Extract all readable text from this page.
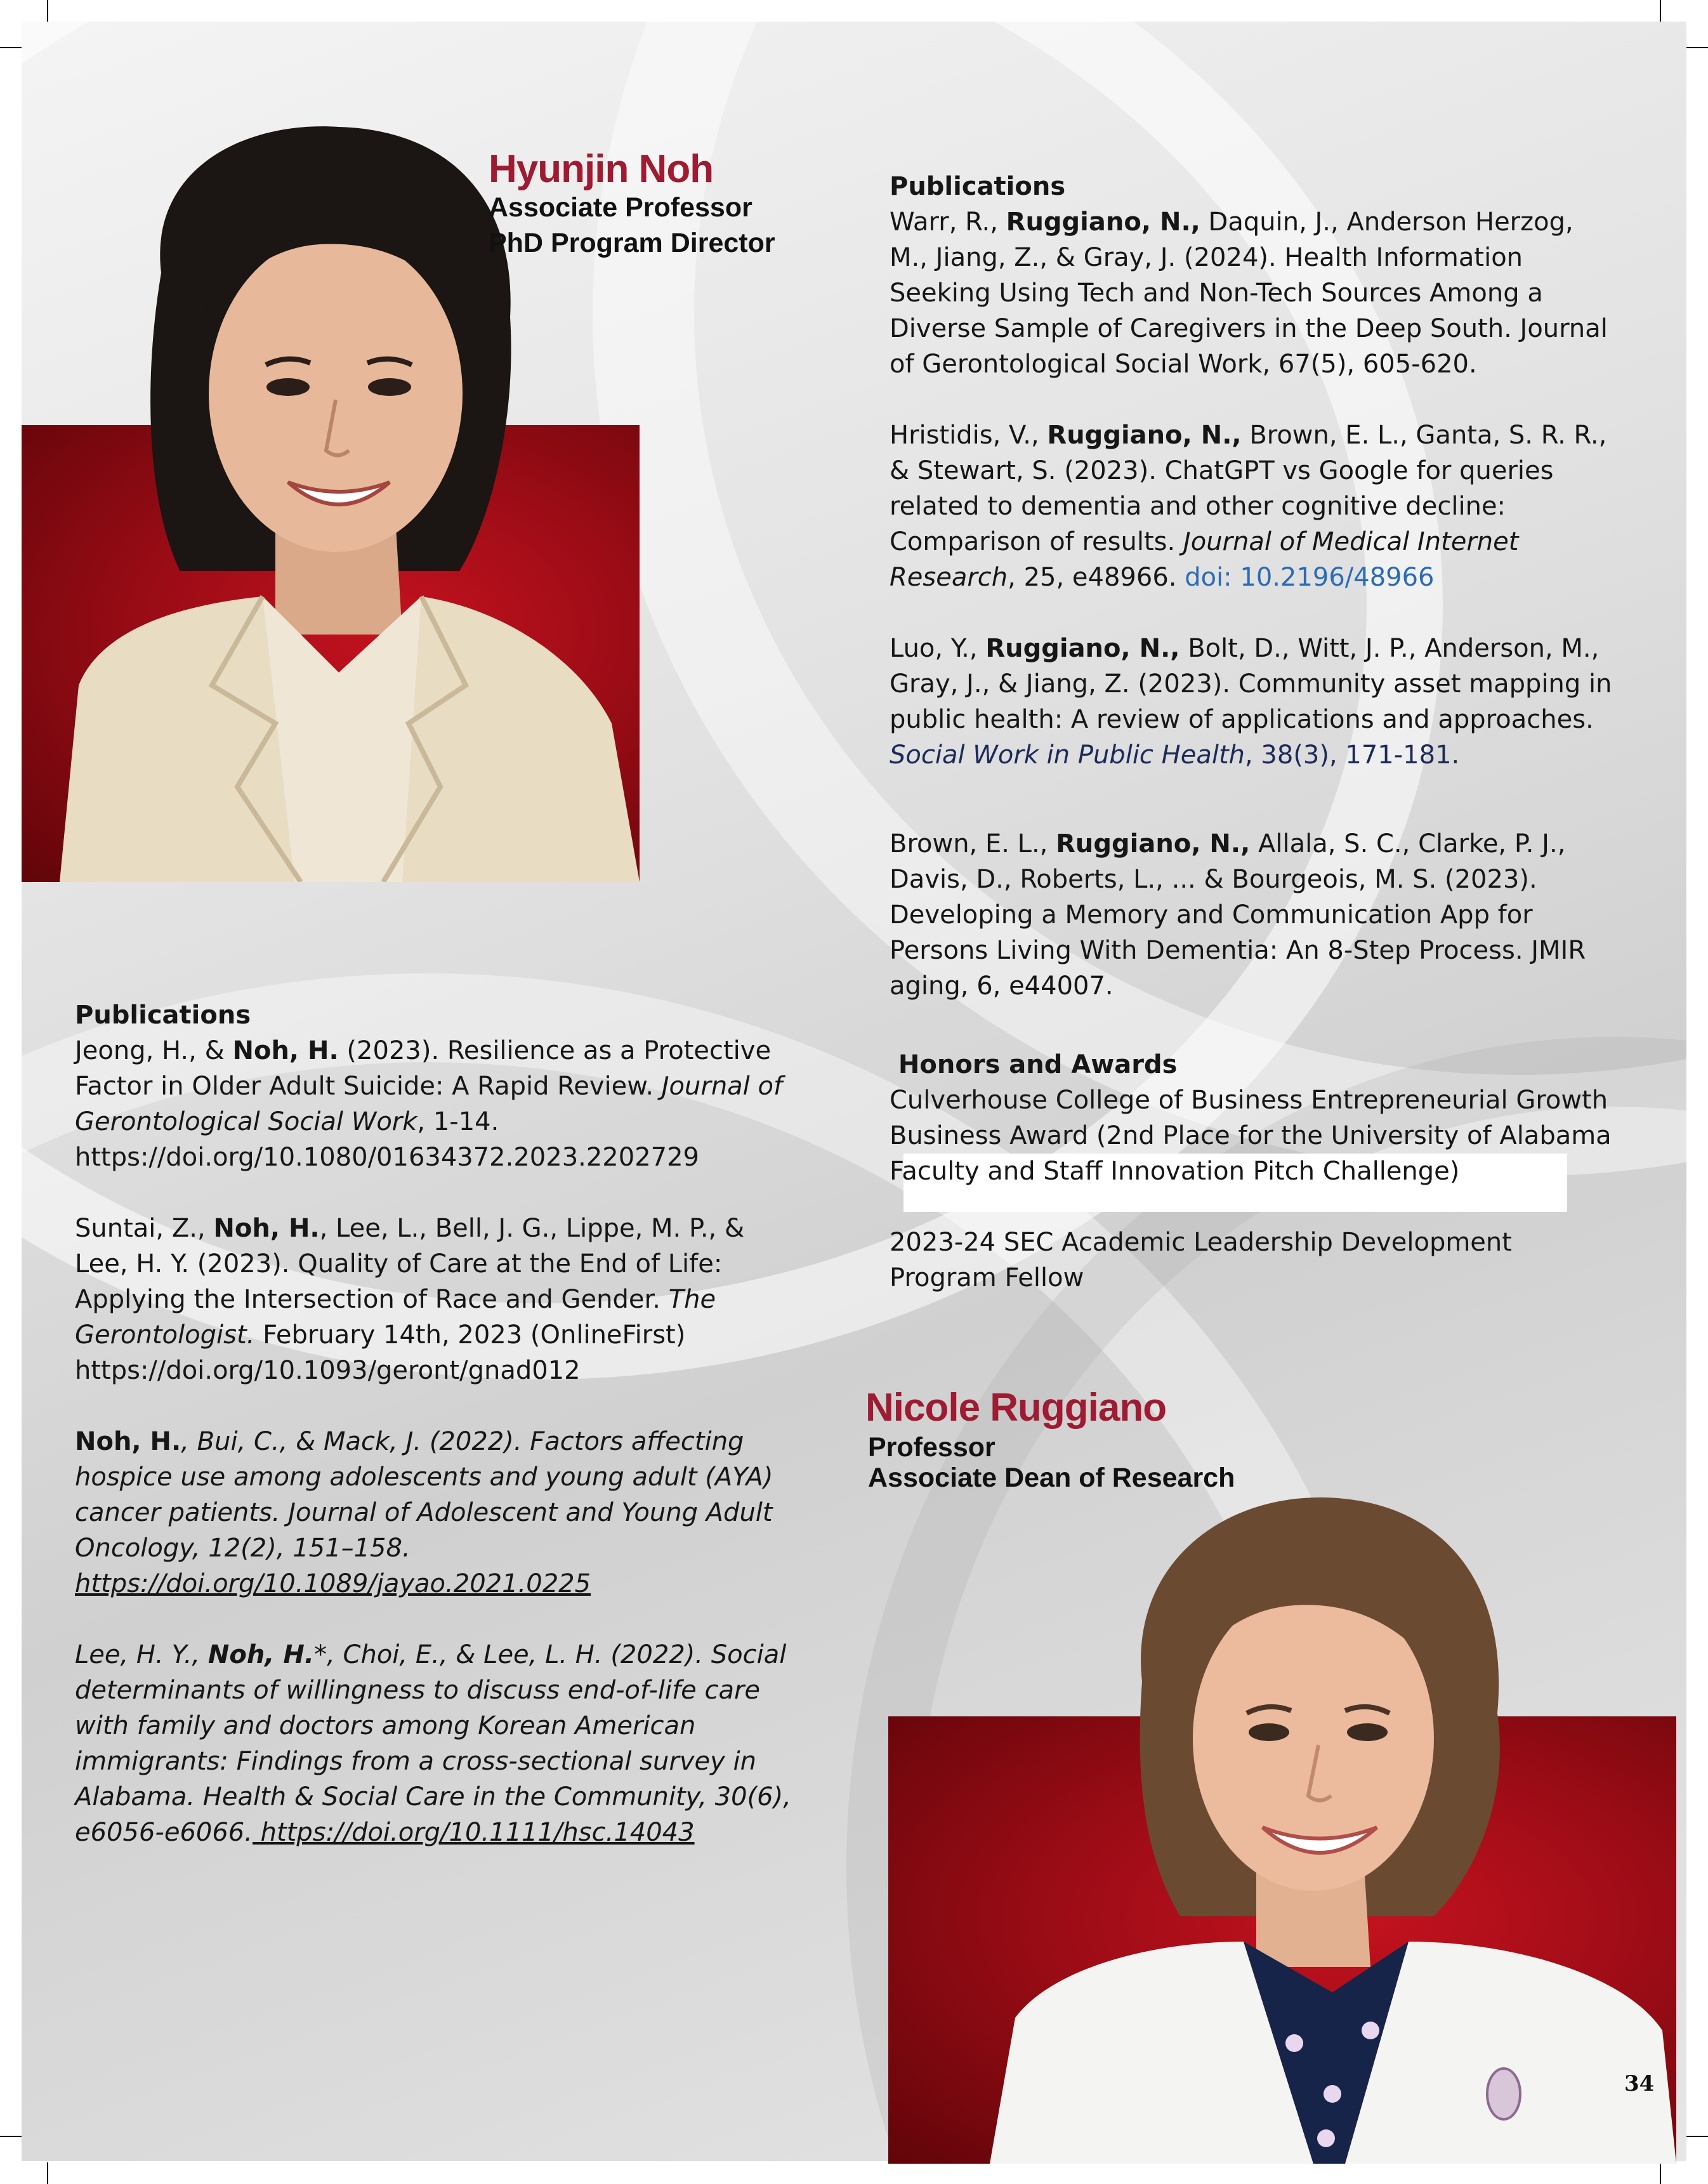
Hyunjin Noh
Associate Professor
PhD Program Director
Publications
Jeong, H., & Noh, H. (2023). Resilience as a Protective Factor in Older Adult Suicide: A Rapid Review. Journal of Gerontological Social Work, 1-14. https://doi.org/10.1080/01634372.2023.2202729
Suntai, Z., Noh, H., Lee, L., Bell, J. G., Lippe, M. P., & Lee, H. Y. (2023). Quality of Care at the End of Life: Applying the Intersection of Race and Gender. The Gerontologist. February 14th, 2023 (OnlineFirst) https://doi.org/10.1093/geront/gnad012
Noh, H., Bui, C., & Mack, J. (2022). Factors affecting hospice use among adolescents and young adult (AYA) cancer patients. Journal of Adolescent and Young Adult
Oncology, 12(2), 151–158.
https://doi.org/10.1089/jayao.2021.0225
Lee, H. Y., Noh, H.*, Choi, E., & Lee, L. H. (2022). Social determinants of willingness to discuss end-of-life care with family and doctors among Korean American immigrants: Findings from a cross-sectional survey in Alabama. Health & Social Care in the Community, 30(6),
e6056-e6066. https://doi.org/10.1111/hsc.14043
Publications
Warr, R., Ruggiano, N., Daquin, J., Anderson Herzog, M., Jiang, Z., & Gray, J. (2024). Health Information Seeking Using Tech and Non-Tech Sources Among a Diverse Sample of Caregivers in the Deep South. Journal of Gerontological Social Work, 67(5), 605-620.
Hristidis, V., Ruggiano, N., Brown, E. L., Ganta, S. R. R., & Stewart, S. (2023). ChatGPT vs Google for queries related to dementia and other cognitive decline: Comparison of results. Journal of Medical Internet Research, 25, e48966. doi: 10.2196/48966
Luo, Y., Ruggiano, N., Bolt, D., Witt, J. P., Anderson, M., Gray, J., & Jiang, Z. (2023). Community asset mapping in public health: A review of applications and approaches. Social Work in Public Health, 38(3), 171-181.
Brown, E. L., Ruggiano, N., Allala, S. C., Clarke, P. J., Davis, D., Roberts, L., ... & Bourgeois, M. S. (2023). Developing a Memory and Communication App for Persons Living With Dementia: An 8-Step Process. JMIR aging, 6, e44007.
Honors and Awards
Culverhouse College of Business Entrepreneurial Growth Business Award (2nd Place for the University of Alabama Faculty and Staff Innovation Pitch Challenge)
2023-24 SEC Academic Leadership Development Program Fellow
Nicole Ruggiano
Professor
Associate Dean of Research
34
